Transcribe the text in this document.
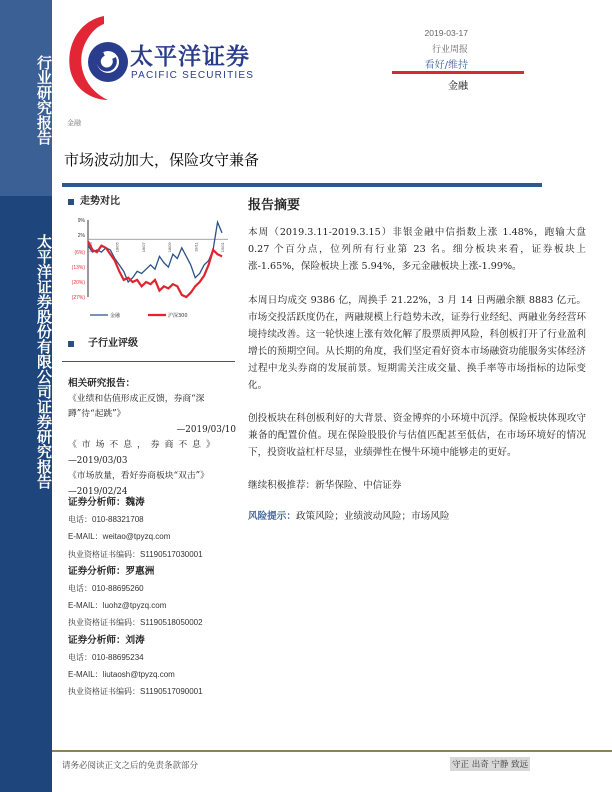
行业研究报告
太平洋证券股份有限公司证券研究报告
太平洋证券
PACIFIC SECURITIES
2019-03-17
行业周报
看好/维持
金融
金融
市场波动加大，保险攻守兼备
走势对比
9%
2%
(6%)
(13%)
(20%)
(27%)
18/03	18/05	18/07	18/09	18/11	19/01
金融	沪深300
子行业评级
相关研究报告：
《业绩和估值形成正反馈，券商“深蹲”待“起跳”》
—2019/03/10
《市场不息，券商不息》
—2019/03/03
《市场放量，看好券商板块“双击”》
—2019/02/24
证券分析师：魏涛
电话：010-88321708
E-MAIL：weitao@tpyzq.com
执业资格证书编码：S1190517030001
证券分析师：罗惠洲
电话：010-88695260
E-MAIL：luohz@tpyzq.com
执业资格证书编码：S1190518050002
证券分析师：刘涛
电话：010-88695234
E-MAIL：liutaosh@tpyzq.com
执业资格证书编码：S1190517090001
报告摘要
本周（2019.3.11-2019.3.15）非银金融中信指数上涨 1.48%，跑输大盘 0.27 个百分点，位列所有行业第 23 名。细分板块来看，证券板块上涨-1.65%，保险板块上涨 5.94%，多元金融板块上涨-1.99%。
本周日均成交 9386 亿，周换手 21.22%，3 月 14 日两融余额 8883 亿元。市场交投活跃度仍在，两融规模上行趋势未改，证券行业经纪、两融业务经营环境持续改善。这一轮快速上涨有效化解了股票质押风险，科创板打开了行业盈利增长的预期空间。从长期的角度，我们坚定看好资本市场融资功能服务实体经济过程中龙头券商的发展前景。短期需关注成交量、换手率等市场指标的边际变化。
创投板块在科创板利好的大背景、资金博弈的小环境中沉浮。保险板块体现攻守兼备的配置价值。现在保险股股价与估值匹配甚至低估，在市场环境好的情况下，投资收益杠杆尽显，业绩弹性在慢牛环境中能够走的更好。
继续积极推荐：新华保险、中信证券
风险提示：政策风险；业绩波动风险；市场风险
请务必阅读正文之后的免责条款部分	守正 出奇 宁静 致远
